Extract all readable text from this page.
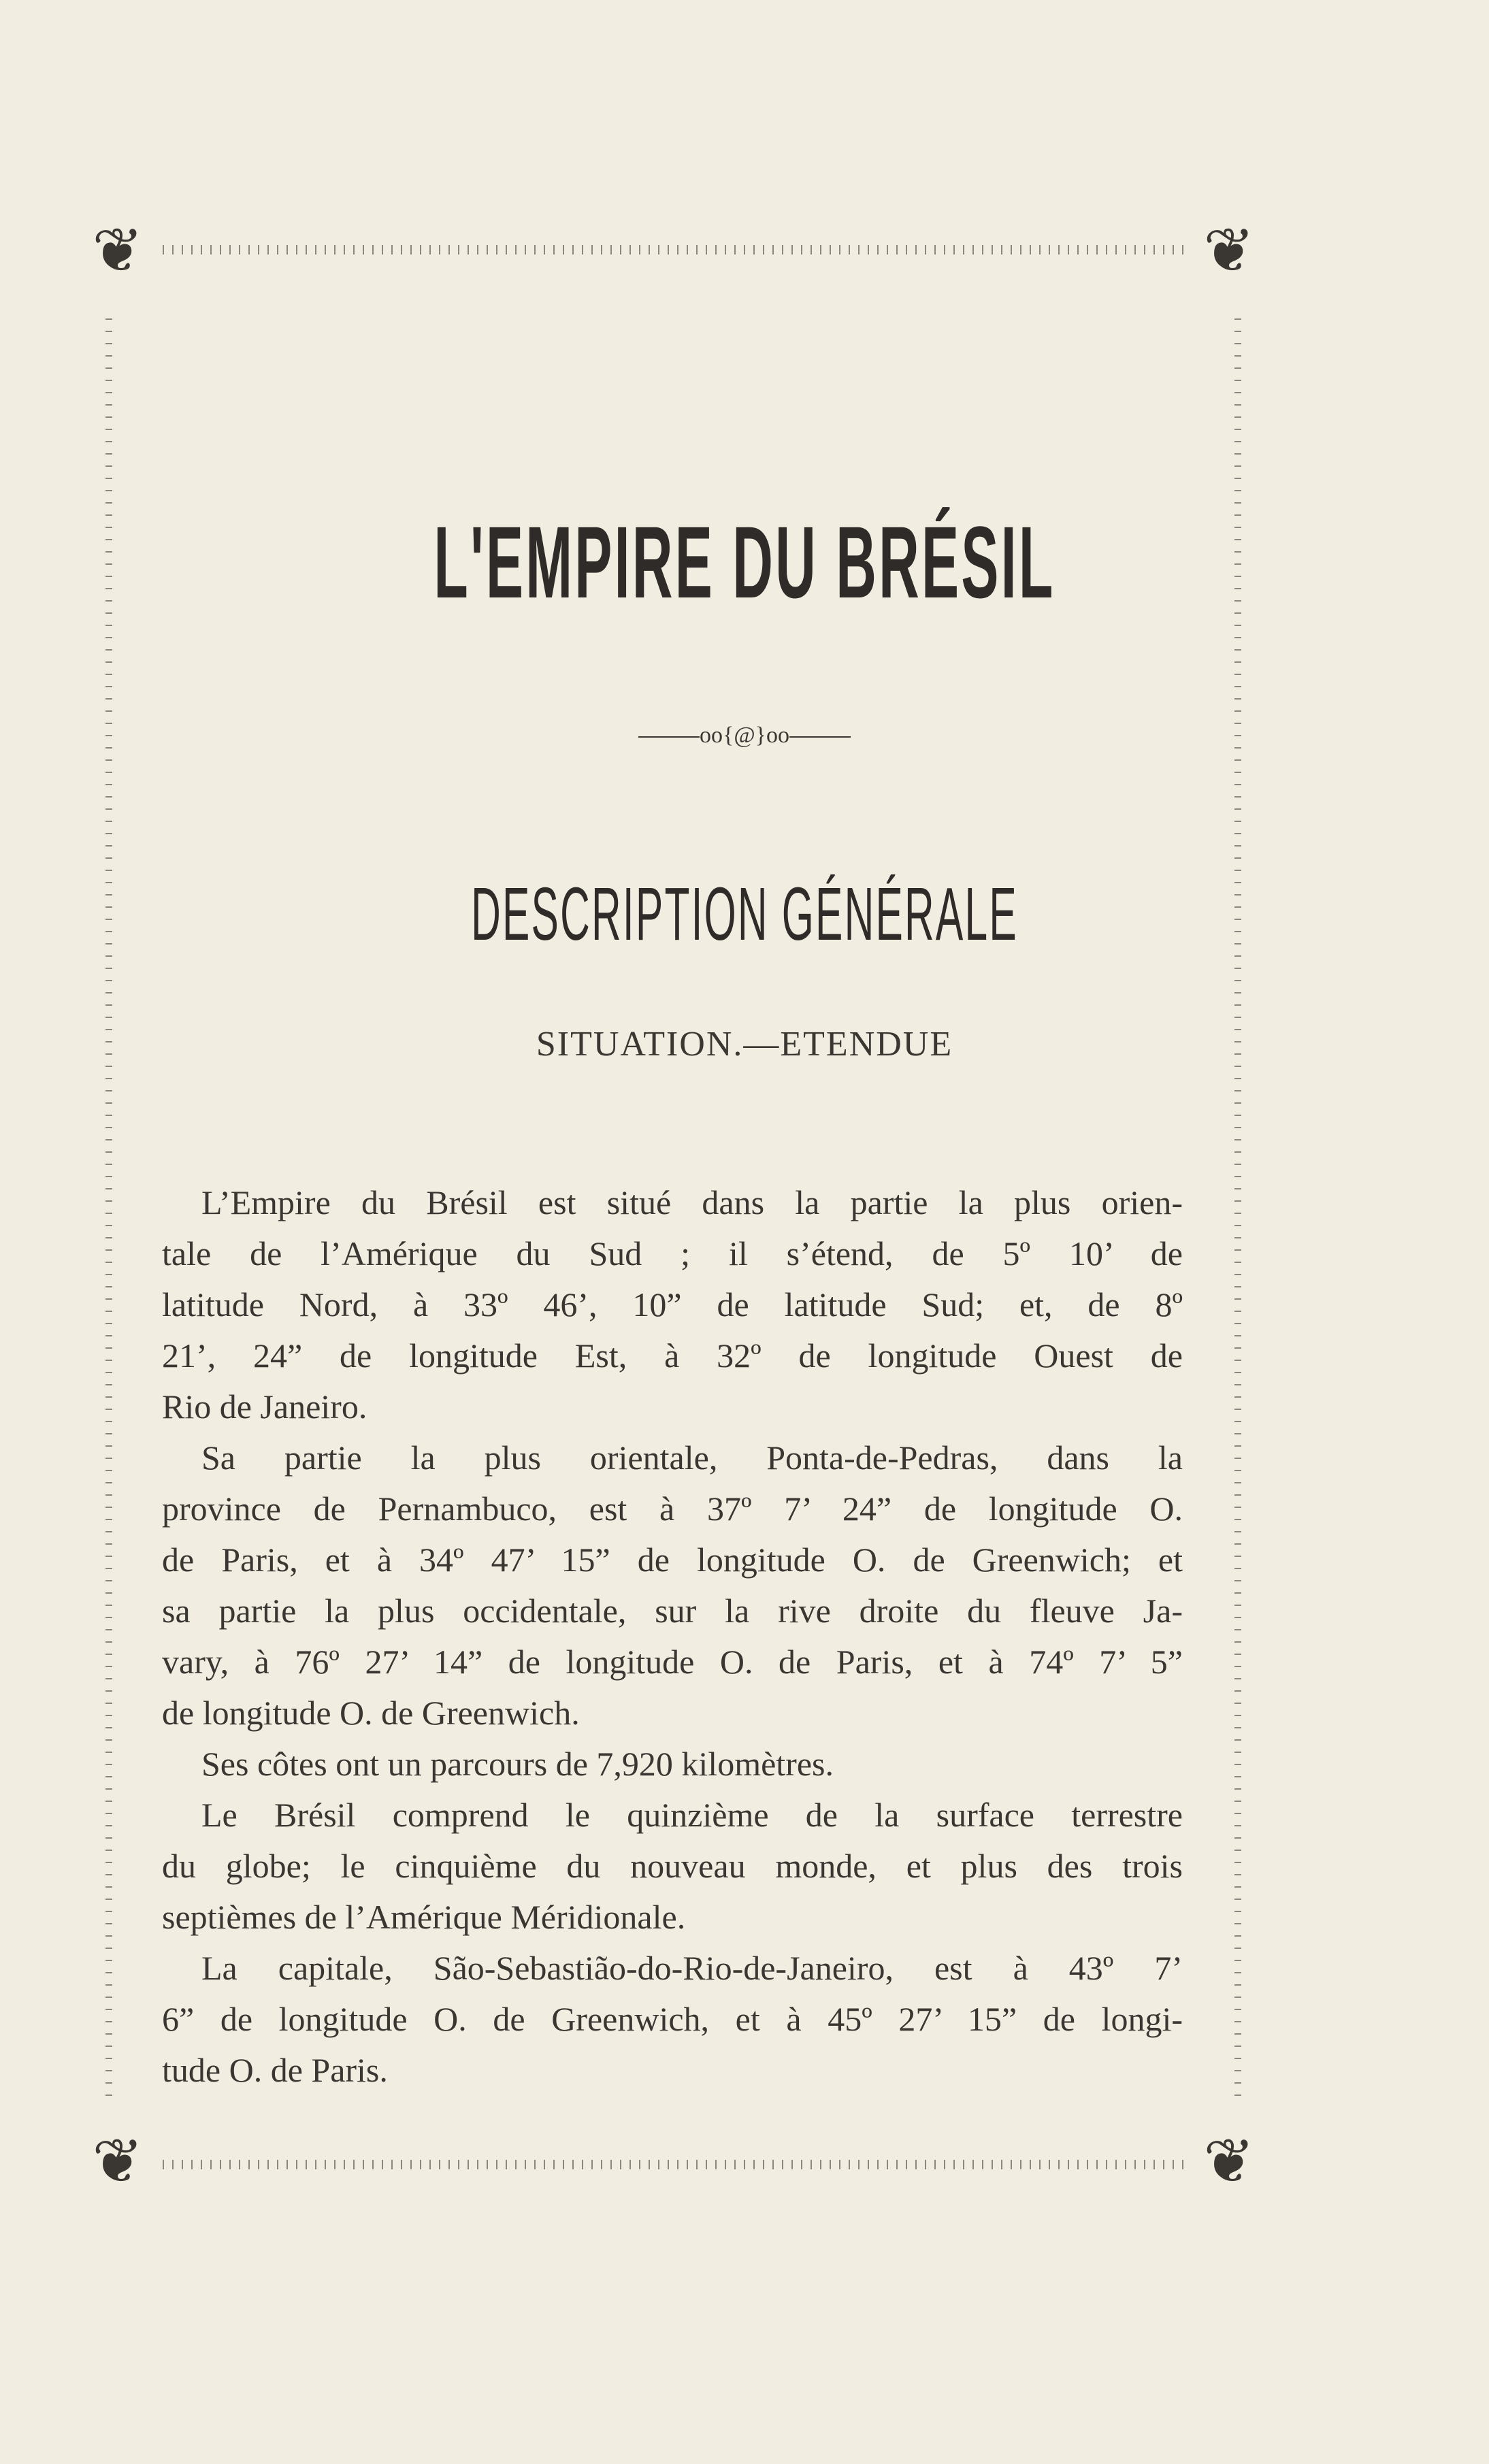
❦	❦
❦	❦
L'EMPIRE DU BRÉSIL
oo{@}oo
DESCRIPTION GÉNÉRALE
SITUATION.—ETENDUE
L’Empire du Brésil est situé dans la partie la plus orien-
tale de l’Amérique du Sud ; il s’étend, de 5º 10’ de
latitude Nord, à 33º 46’, 10” de latitude Sud; et, de 8º
21’, 24” de longitude Est, à 32º de longitude Ouest de
Rio de Janeiro.
Sa partie la plus orientale, Ponta-de-Pedras, dans la
province de Pernambuco, est à 37º 7’ 24” de longitude O.
de Paris, et à 34º 47’ 15” de longitude O. de Greenwich; et
sa partie la plus occidentale, sur la rive droite du fleuve Ja-
vary, à 76º 27’ 14” de longitude O. de Paris, et à 74º 7’ 5”
de longitude O. de Greenwich.
Ses côtes ont un parcours de 7,920 kilomètres.
Le Brésil comprend le quinzième de la surface terrestre
du globe; le cinquième du nouveau monde, et plus des trois
septièmes de l’Amérique Méridionale.
La capitale, São-Sebastião-do-Rio-de-Janeiro, est à 43º 7’
6” de longitude O. de Greenwich, et à 45º 27’ 15” de longi-
tude O. de Paris.
